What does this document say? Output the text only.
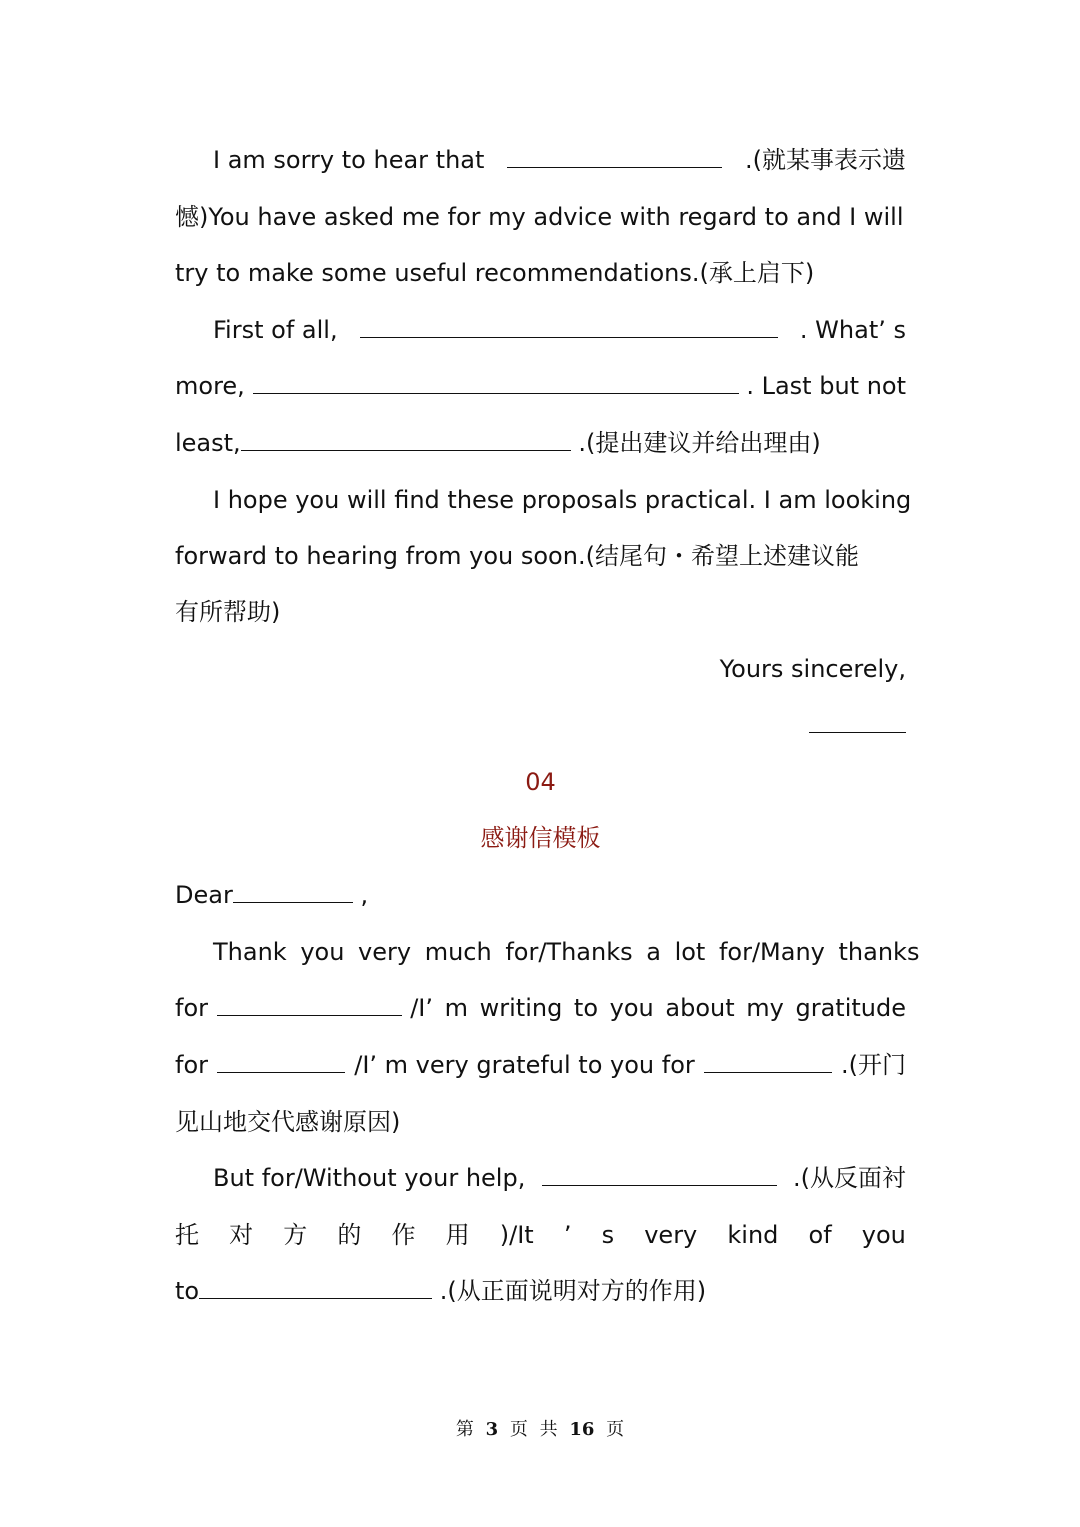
I am sorry to hear that	.(就某事表示遗
憾)You have asked me for my advice with regard to and I will
try to make some useful recommendations.(承上启下)
First of all,	. What’ s
more,	. Last but not
least,	.(提出建议并给出理由)
I hope you will find these proposals practical. I am looking
forward to hearing from you soon.(结尾句・希望上述建议能
有所帮助)
Yours sincerely,
04
感谢信模板
Dear	,
Thank you very much for/Thanks a lot for/Many thanks
for	/I’ m writing to you about my gratitude
for	/I’ m very grateful to you for	.(开门
见山地交代感谢原因)
But for/Without your help,	.(从反面衬
托 对 方 的 作 用 )/It ’ s very kind of you
to	.(从正面说明对方的作用)
第 3 页 共 16 页
